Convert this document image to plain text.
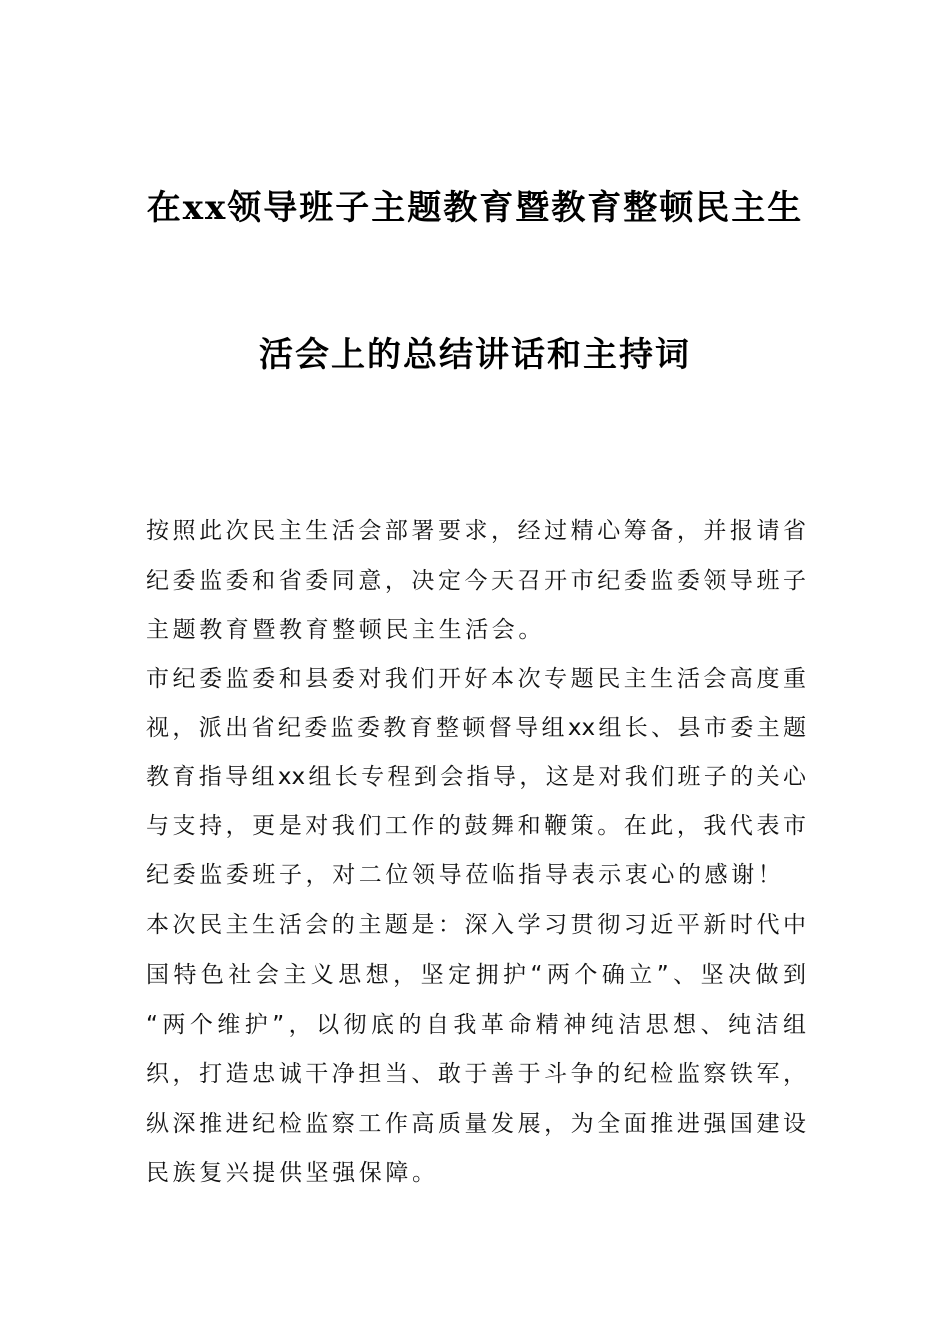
在xx领导班子主题教育暨教育整顿民主生
活会上的总结讲话和主持词
按照此次民主生活会部署要求，经过精心筹备，并报请省
纪委监委和省委同意，决定今天召开市纪委监委领导班子
主题教育暨教育整顿民主生活会。
市纪委监委和县委对我们开好本次专题民主生活会高度重
视，派出省纪委监委教育整顿督导组xx组长、县市委主题
教育指导组xx组长专程到会指导，这是对我们班子的关心
与支持，更是对我们工作的鼓舞和鞭策。在此，我代表市
纪委监委班子，对二位领导莅临指导表示衷心的感谢！
本次民主生活会的主题是：深入学习贯彻习近平新时代中
国特色社会主义思想，坚定拥护“两个确立”、坚决做到
“两个维护”，以彻底的自我革命精神纯洁思想、纯洁组
织，打造忠诚干净担当、敢于善于斗争的纪检监察铁军，
纵深推进纪检监察工作高质量发展，为全面推进强国建设
民族复兴提供坚强保障。
